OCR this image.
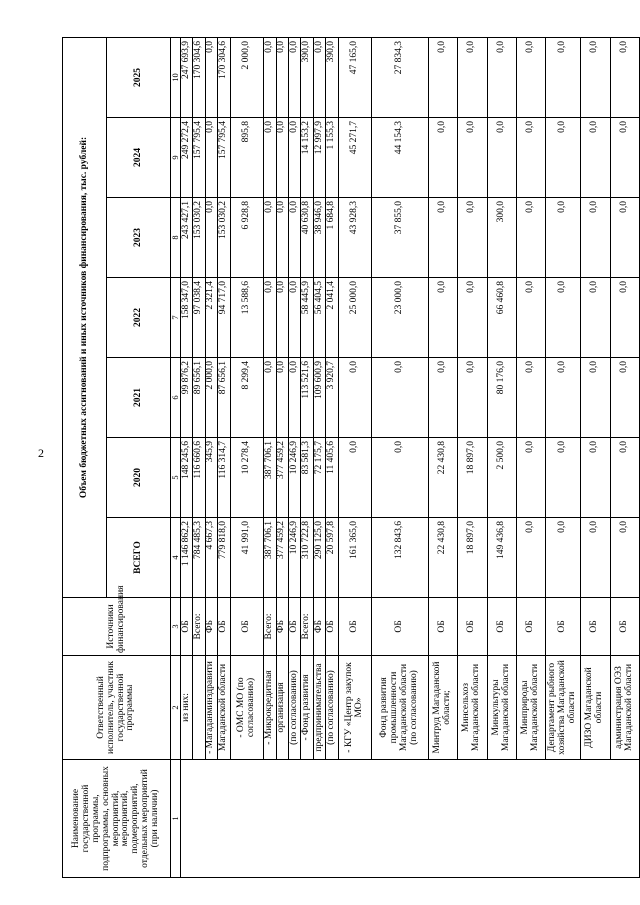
2
Наименование государственной программы, подпрограммы, основных мероприятий, мероприятий, подмероприятий, отдельных мероприятий (при наличии)	Ответственный исполнитель, участник государственной программы	Источники финансирования	Объем бюджетных ассигнований и иных источников финансирования, тыс. рублей:						
			ВСЕГО	2020	2021	2022	2023	2024	2025
1	2	3	4	5	6	7	8	9	10
	из них:	ОБ	1 146 862,2	148 245,6	99 876,2	158 347,0	243 427,1	249 272,4	247 693,9
		Всего:	784 485,3	116 660,6	89 656,1	97 038,4	153 030,2	157 795,4	170 304,6
	- Магаданминздравити	ФБ	4 667,3	345,9	2 000,0	2 321,4	0,0	0,0	0,0
	Магаданской области	ОБ	779 818,0	116 314,7	87 656,1	94 717,0	153 030,2	157 795,4	170 304,6
	- ОМС МО (по согласованию)	ОБ	41 991,0	10 278,4	8 299,4	13 588,6	6 928,8	895,8	2 000,0
	- Микрокредитная	Всего:	387 706,1	387 706,1	0,0	0,0	0,0	0,0	0,0
	организация	ФБ	377 459,2	377 459,2	0,0	0,0	0,0	0,0	0,0
	(по согласованию)	ОБ	10 246,9	10 246,9	0,0	0,0	0,0	0,0	0,0
	- Фонд развития	Всего:	310 722,8	83 581,3	113 521,6	58 445,9	40 630,8	14 153,2	390,0
	предпринимательства	ФБ	290 125,0	72 175,7	109 600,9	56 404,5	38 946,0	12 997,9	0,0
	(по согласованию)	ОБ	20 597,8	11 405,6	3 920,7	2 041,4	1 684,8	1 155,3	390,0
	- КГУ «Центр закупок МО»	ОБ	161 365,0	0,0	0,0	25 000,0	43 928,3	45 271,7	47 165,0
	Фонд развития промышленности Магаданской области (по согласованию)	ОБ	132 843,6	0,0	0,0	23 000,0	37 855,0	44 154,3	27 834,3
	Минтруд Магаданской области;	ОБ	22 430,8	22 430,8	0,0	0,0	0,0	0,0	0,0
	Минсельхоз Магаданской области	ОБ	18 897,0	18 897,0	0,0	0,0	0,0	0,0	0,0
	Минкультуры Магаданской области	ОБ	149 436,8	2 500,0	80 176,0	66 460,8	300,0	0,0	0,0
	Минприроды Магаданской области	ОБ	0,0	0,0	0,0	0,0	0,0	0,0	0,0
	Департамент рыбного хозяйства Магаданской области	ОБ	0,0	0,0	0,0	0,0	0,0	0,0	0,0
	ДИЗО Магаданской области	ОБ	0,0	0,0	0,0	0,0	0,0	0,0	0,0
	администрация ОЭЗ Магаданской области	ОБ	0,0	0,0	0,0	0,0	0,0	0,0	0,0
